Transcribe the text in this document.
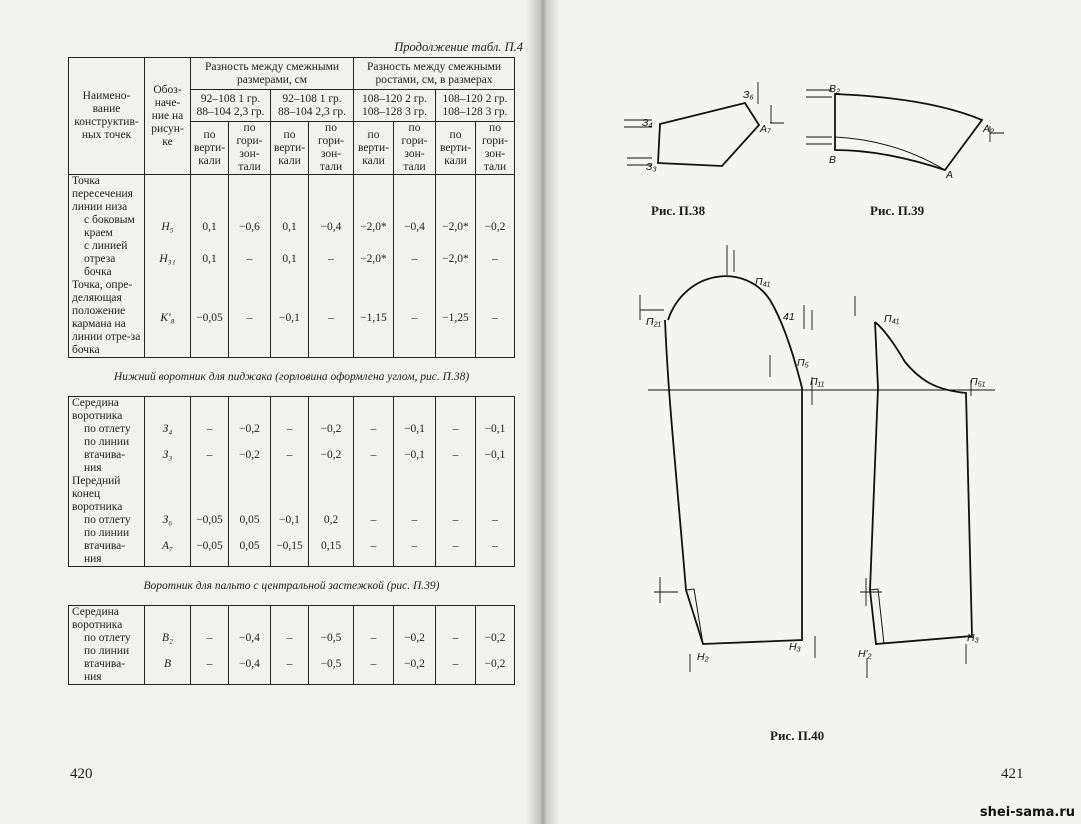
Продолжение табл. П.4
Наимено-вание конструктив-ных точек	Обоз-наче-ние на рисун-ке	Разность между смежными размерами, см				Разность между смежными ростами, см, в размерах			
		92–108 1 гр. 88–104 2,3 гр.		92–108 1 гр. 88–104 2,3 гр.		108–120 2 гр. 108–128 3 гр.		108–120 2 гр. 108–128 3 гр.	
		по верти-кали	по гори-зон-тали	по верти-кали	по гори-зон-тали	по верти-кали	по гори-зон-тали	по верти-кали	по гори-зон-тали
Точка пересечения линии низа									
с боковым краем	H₅	0,1	−0,6	0,1	−0,4	−2,0*	−0,4	−2,0*	−0,2
с линией отреза бочка	H₃₁	0,1	–	0,1	–	−2,0*	–	−2,0*	–
Точка, опре-деляющая положение кармана на линии отре-за бочка	K′₈	−0,05	–	−0,1	–	−1,15	–	−1,25	–
Нижний воротник для пиджака (горловина оформлена углом, рис. П.38)									
Середина воротника									
по отлету	З₄	–	−0,2	–	−0,2	–	−0,1	–	−0,1
по линии втачива-ния	З₃	–	−0,2	–	−0,2	–	−0,1	–	−0,1
Передний конец воротника									
по отлету	З₆	−0,05	0,05	−0,1	0,2	–	–	–	–
по линии втачива-ния	A₇	−0,05	0,05	−0,15	0,15	–	–	–	–
Воротник для пальто с центральной застежкой (рис. П.39)									
Середина воротника									
по отлету	B₂	–	−0,4	–	−0,5	–	−0,2	–	−0,2
по линии втачива-ния	B	–	−0,4	–	−0,5	–	−0,2	–	−0,2
420
З₄
З₃
З₆
A₇
B₂
B
A₂
A
П₄₁
П₂₁	41
П₅
П₁₁
H₂
H₃
П₄₁
П₅₁
H′₂
H₃
Рис. П.38	Рис. П.39
Рис. П.40
421
shei-sama.ru
